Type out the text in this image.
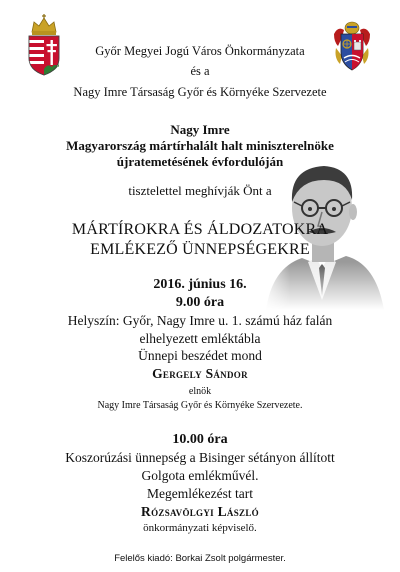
Győr Megyei Jogú Város Önkormányzata
és a
Nagy Imre Társaság Győr és Környéke Szervezete
Nagy Imre
Magyarország mártírhalált halt miniszterelnöke
újratemetésének évfordulóján
tisztelettel meghívják Önt a
MÁRTÍROKRA ÉS ÁLDOZATOKRA
EMLÉKEZŐ ÜNNEPSÉGEKRE
2016. június 16.
9.00 óra
Helyszín: Győr, Nagy Imre u. 1. számú ház falán
elhelyezett emléktábla
Ünnepi beszédet mond
Gergely Sándor
elnök
Nagy Imre Társaság Győr és Környéke Szervezete.
10.00 óra
Koszorúzási ünnepség a Bisinger sétányon állított
Golgota emlékművél.
Megemlékezést tart
Rózsavölgyi László
önkormányzati képviselő.
Felelős kiadó: Borkai Zsolt polgármester.
